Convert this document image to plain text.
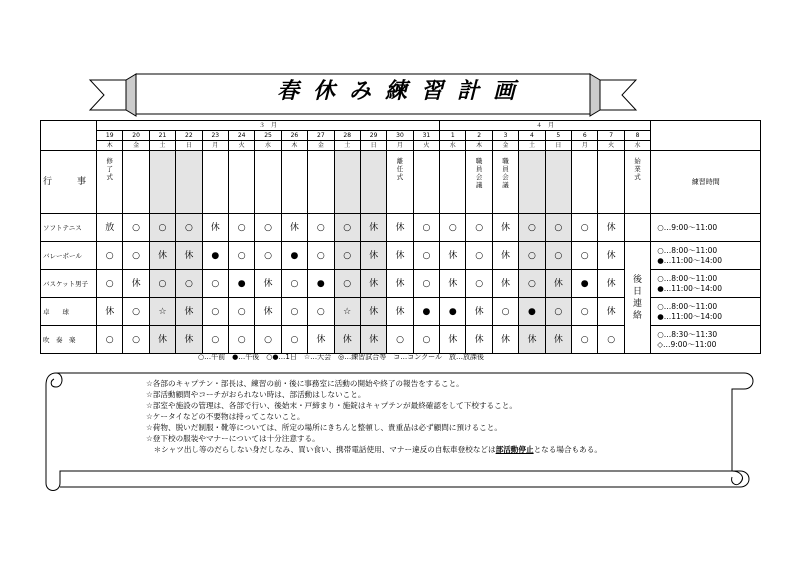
春休み練習計画
	３　月													４　月								
	19	20	21	22	23	24	25	26	27	28	29	30	31	1	2	3	4	5	6	7	8	
	木	金	土	日	月	火	水	木	金	土	日	月	火	水	木	金	土	日	月	火	水	
行　事	修了式											離任式			職員会議	職員会議					始業式	練習時間
ソフトテニス	放	○	○	○	休	○	○	休	○	○	休	休	○	○	○	休	○	○	○	休		○…9:00～11:00

バレーボール	○	○	休	休	●	○	○	●	○	○	休	休	○	休	○	休	○	○	○	休	後日連絡	○…8:00～11:00
●…11:00～14:00

バスケット男子	○	休	○	○	○	●	休	○	●	○	休	休	○	休	○	休	○	休	●	休		○…8:00～11:00
●…11:00～14:00

卓　　球	休	○	☆	休	○	○	休	○	○	☆	休	休	●	●	休	○	●	○	○	休		○…8:00～11:00
●…11:00～14:00

吹　奏　楽	○	○	休	休	○	○	○	○	休	休	休	○	○	休	休	休	休	休	○	○		○…8:30～11:30
◇…9:00～11:00
○…午前　●…午後　○●…1日　☆…大会　◎…練習試合等　コ…コンクール　放…放課後
☆各部のキャプテン・部長は、練習の前・後に事務室に活動の開始や終了の報告をすること。
☆部活動顧問やコーチがおられない時は、部活動はしないこと。
☆部室や施設の管理は、各部で行い、後始末・戸締まり・施錠はキャプテンが最終確認をして下校すること。
☆ケータイなどの不要物は持ってこないこと。
☆荷物、脱いだ制服・靴等については、所定の場所にきちんと整頓し、貴重品は必ず顧問に預けること。
☆登下校の服装やマナーについては十分注意する。
　＊シャツ出し等のだらしない身だしなみ、買い食い、携帯電話使用、マナー違反の自転車登校などは部活動停止となる場合もある。
